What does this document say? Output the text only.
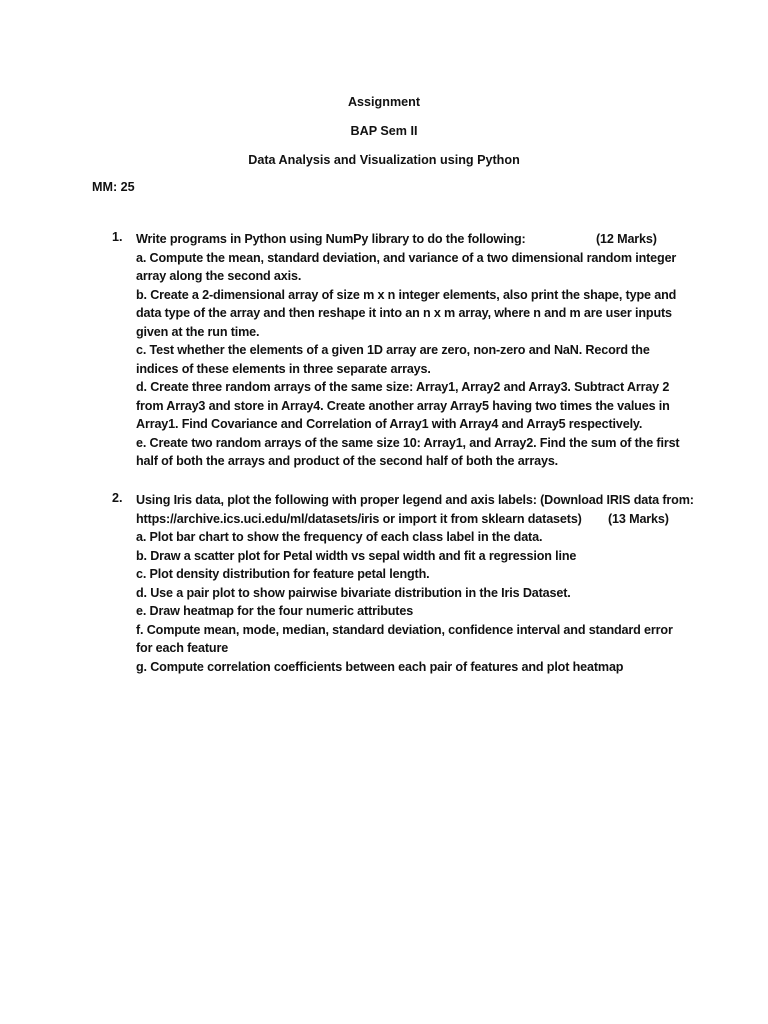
Assignment
BAP Sem II
Data Analysis and Visualization using Python
MM: 25
1. Write programs in Python using NumPy library to do the following:	(12 Marks)
a. Compute the mean, standard deviation, and variance of a two dimensional random integer array along the second axis.
b. Create a 2-dimensional array of size m x n integer elements, also print the shape, type and data type of the array and then reshape it into an n x m array, where n and m are user inputs given at the run time.
c. Test whether the elements of a given 1D array are zero, non-zero and NaN. Record the indices of these elements in three separate arrays.
d. Create three random arrays of the same size: Array1, Array2 and Array3. Subtract Array 2 from Array3 and store in Array4. Create another array Array5 having two times the values in Array1. Find Covariance and Correlation of Array1 with Array4 and Array5 respectively.
e. Create two random arrays of the same size 10: Array1, and Array2. Find the sum of the first half of both the arrays and product of the second half of both the arrays.
2. Using Iris data, plot the following with proper legend and axis labels: (Download IRIS data from:
https://archive.ics.uci.edu/ml/datasets/iris or import it from sklearn datasets) (13 Marks)
a. Plot bar chart to show the frequency of each class label in the data.
b. Draw a scatter plot for Petal width vs sepal width and fit a regression line
c. Plot density distribution for feature petal length.
d. Use a pair plot to show pairwise bivariate distribution in the Iris Dataset.
e. Draw heatmap for the four numeric attributes
f. Compute mean, mode, median, standard deviation, confidence interval and standard error for each feature
g. Compute correlation coefficients between each pair of features and plot heatmap
